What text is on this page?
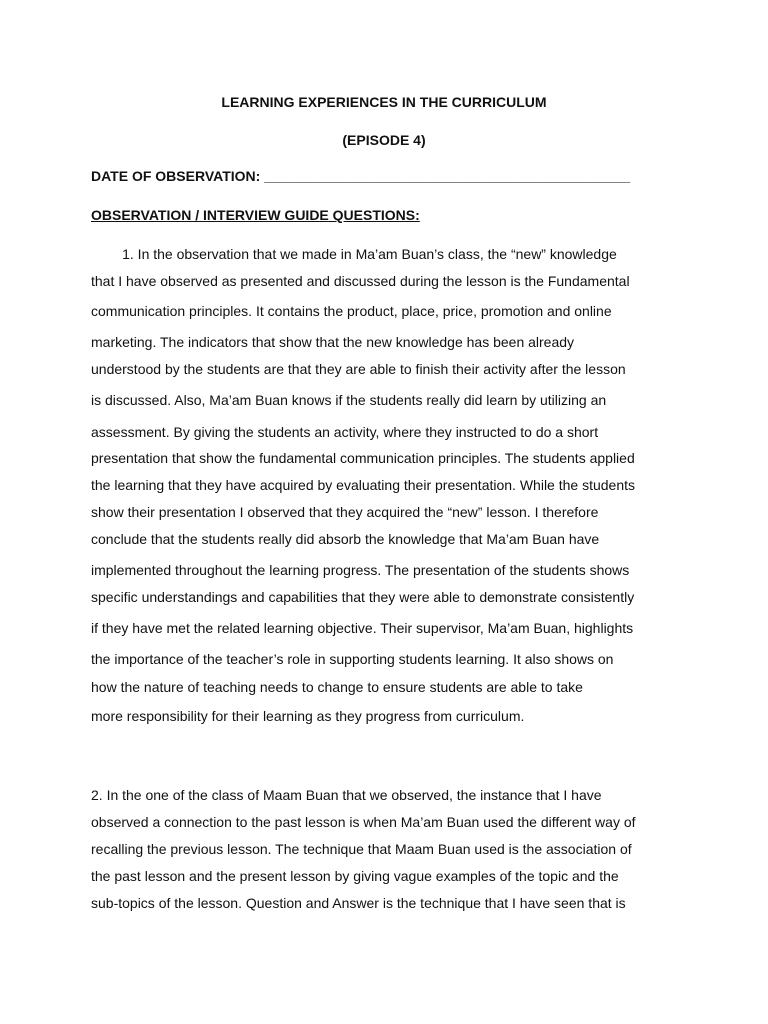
LEARNING EXPERIENCES IN THE CURRICULUM
(EPISODE 4)
DATE OF OBSERVATION: _______________________________________________
OBSERVATION / INTERVIEW GUIDE QUESTIONS:
1. In the observation that we made in Ma’am Buan’s class, the “new” knowledge
that I have observed as presented and discussed during the lesson is the Fundamental
communication principles. It contains the product, place, price, promotion and online
marketing. The indicators that show that the new knowledge has been already
understood by the students are that they are able to finish their activity after the lesson
is discussed. Also, Ma’am Buan knows if the students really did learn by utilizing an
assessment. By giving the students an activity, where they instructed to do a short
presentation that show the fundamental communication principles. The students applied
the learning that they have acquired by evaluating their presentation. While the students
show their presentation I observed that they acquired the “new” lesson. I therefore
conclude that the students really did absorb the knowledge that Ma’am Buan have
implemented throughout the learning progress. The presentation of the students shows
specific understandings and capabilities that they were able to demonstrate consistently
if they have met the related learning objective. Their supervisor, Ma’am Buan, highlights
the importance of the teacher’s role in supporting students learning. It also shows on
how the nature of teaching needs to change to ensure students are able to take
more responsibility for their learning as they progress from curriculum.
2. In the one of the class of Maam Buan that we observed, the instance that I have
observed a connection to the past lesson is when Ma’am Buan used the different way of
recalling the previous lesson. The technique that Maam Buan used is the association of
the past lesson and the present lesson by giving vague examples of the topic and the
sub-topics of the lesson. Question and Answer is the technique that I have seen that is
